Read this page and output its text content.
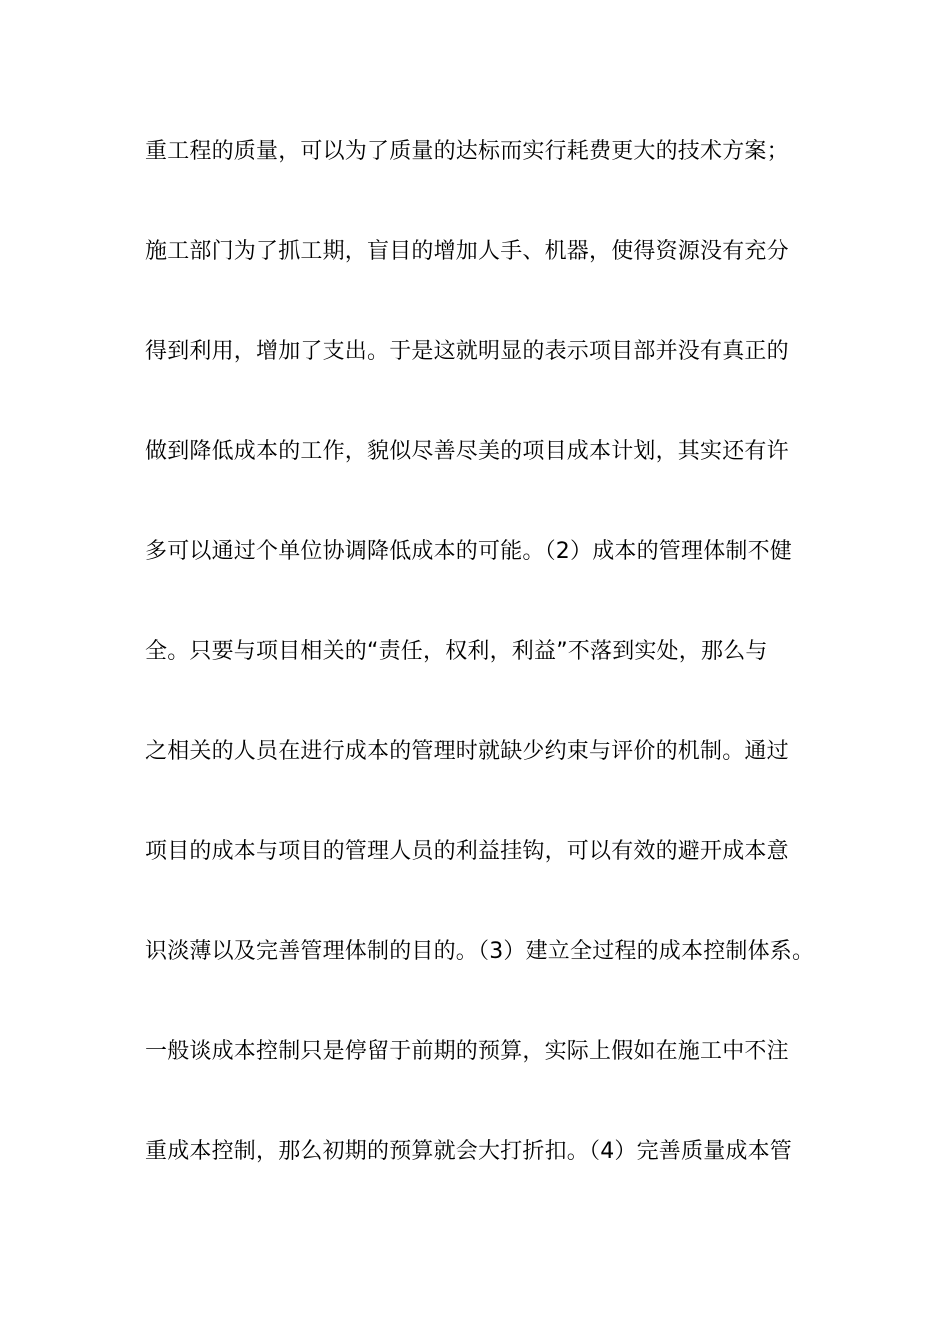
重工程的质量，可以为了质量的达标而实行耗费更大的技术方案；
施工部门为了抓工期，盲目的增加人手、机器，使得资源没有充分
得到利用，增加了支出。于是这就明显的表示项目部并没有真正的
做到降低成本的工作，貌似尽善尽美的项目成本计划，其实还有许
多可以通过个单位协调降低成本的可能。（2）成本的管理体制不健
全。只要与项目相关的“责任，权利，利益”不落到实处，那么与
之相关的人员在进行成本的管理时就缺少约束与评价的机制。通过
项目的成本与项目的管理人员的利益挂钩，可以有效的避开成本意
识淡薄以及完善管理体制的目的。（3）建立全过程的成本控制体系。
一般谈成本控制只是停留于前期的预算，实际上假如在施工中不注
重成本控制，那么初期的预算就会大打折扣。（4）完善质量成本管
